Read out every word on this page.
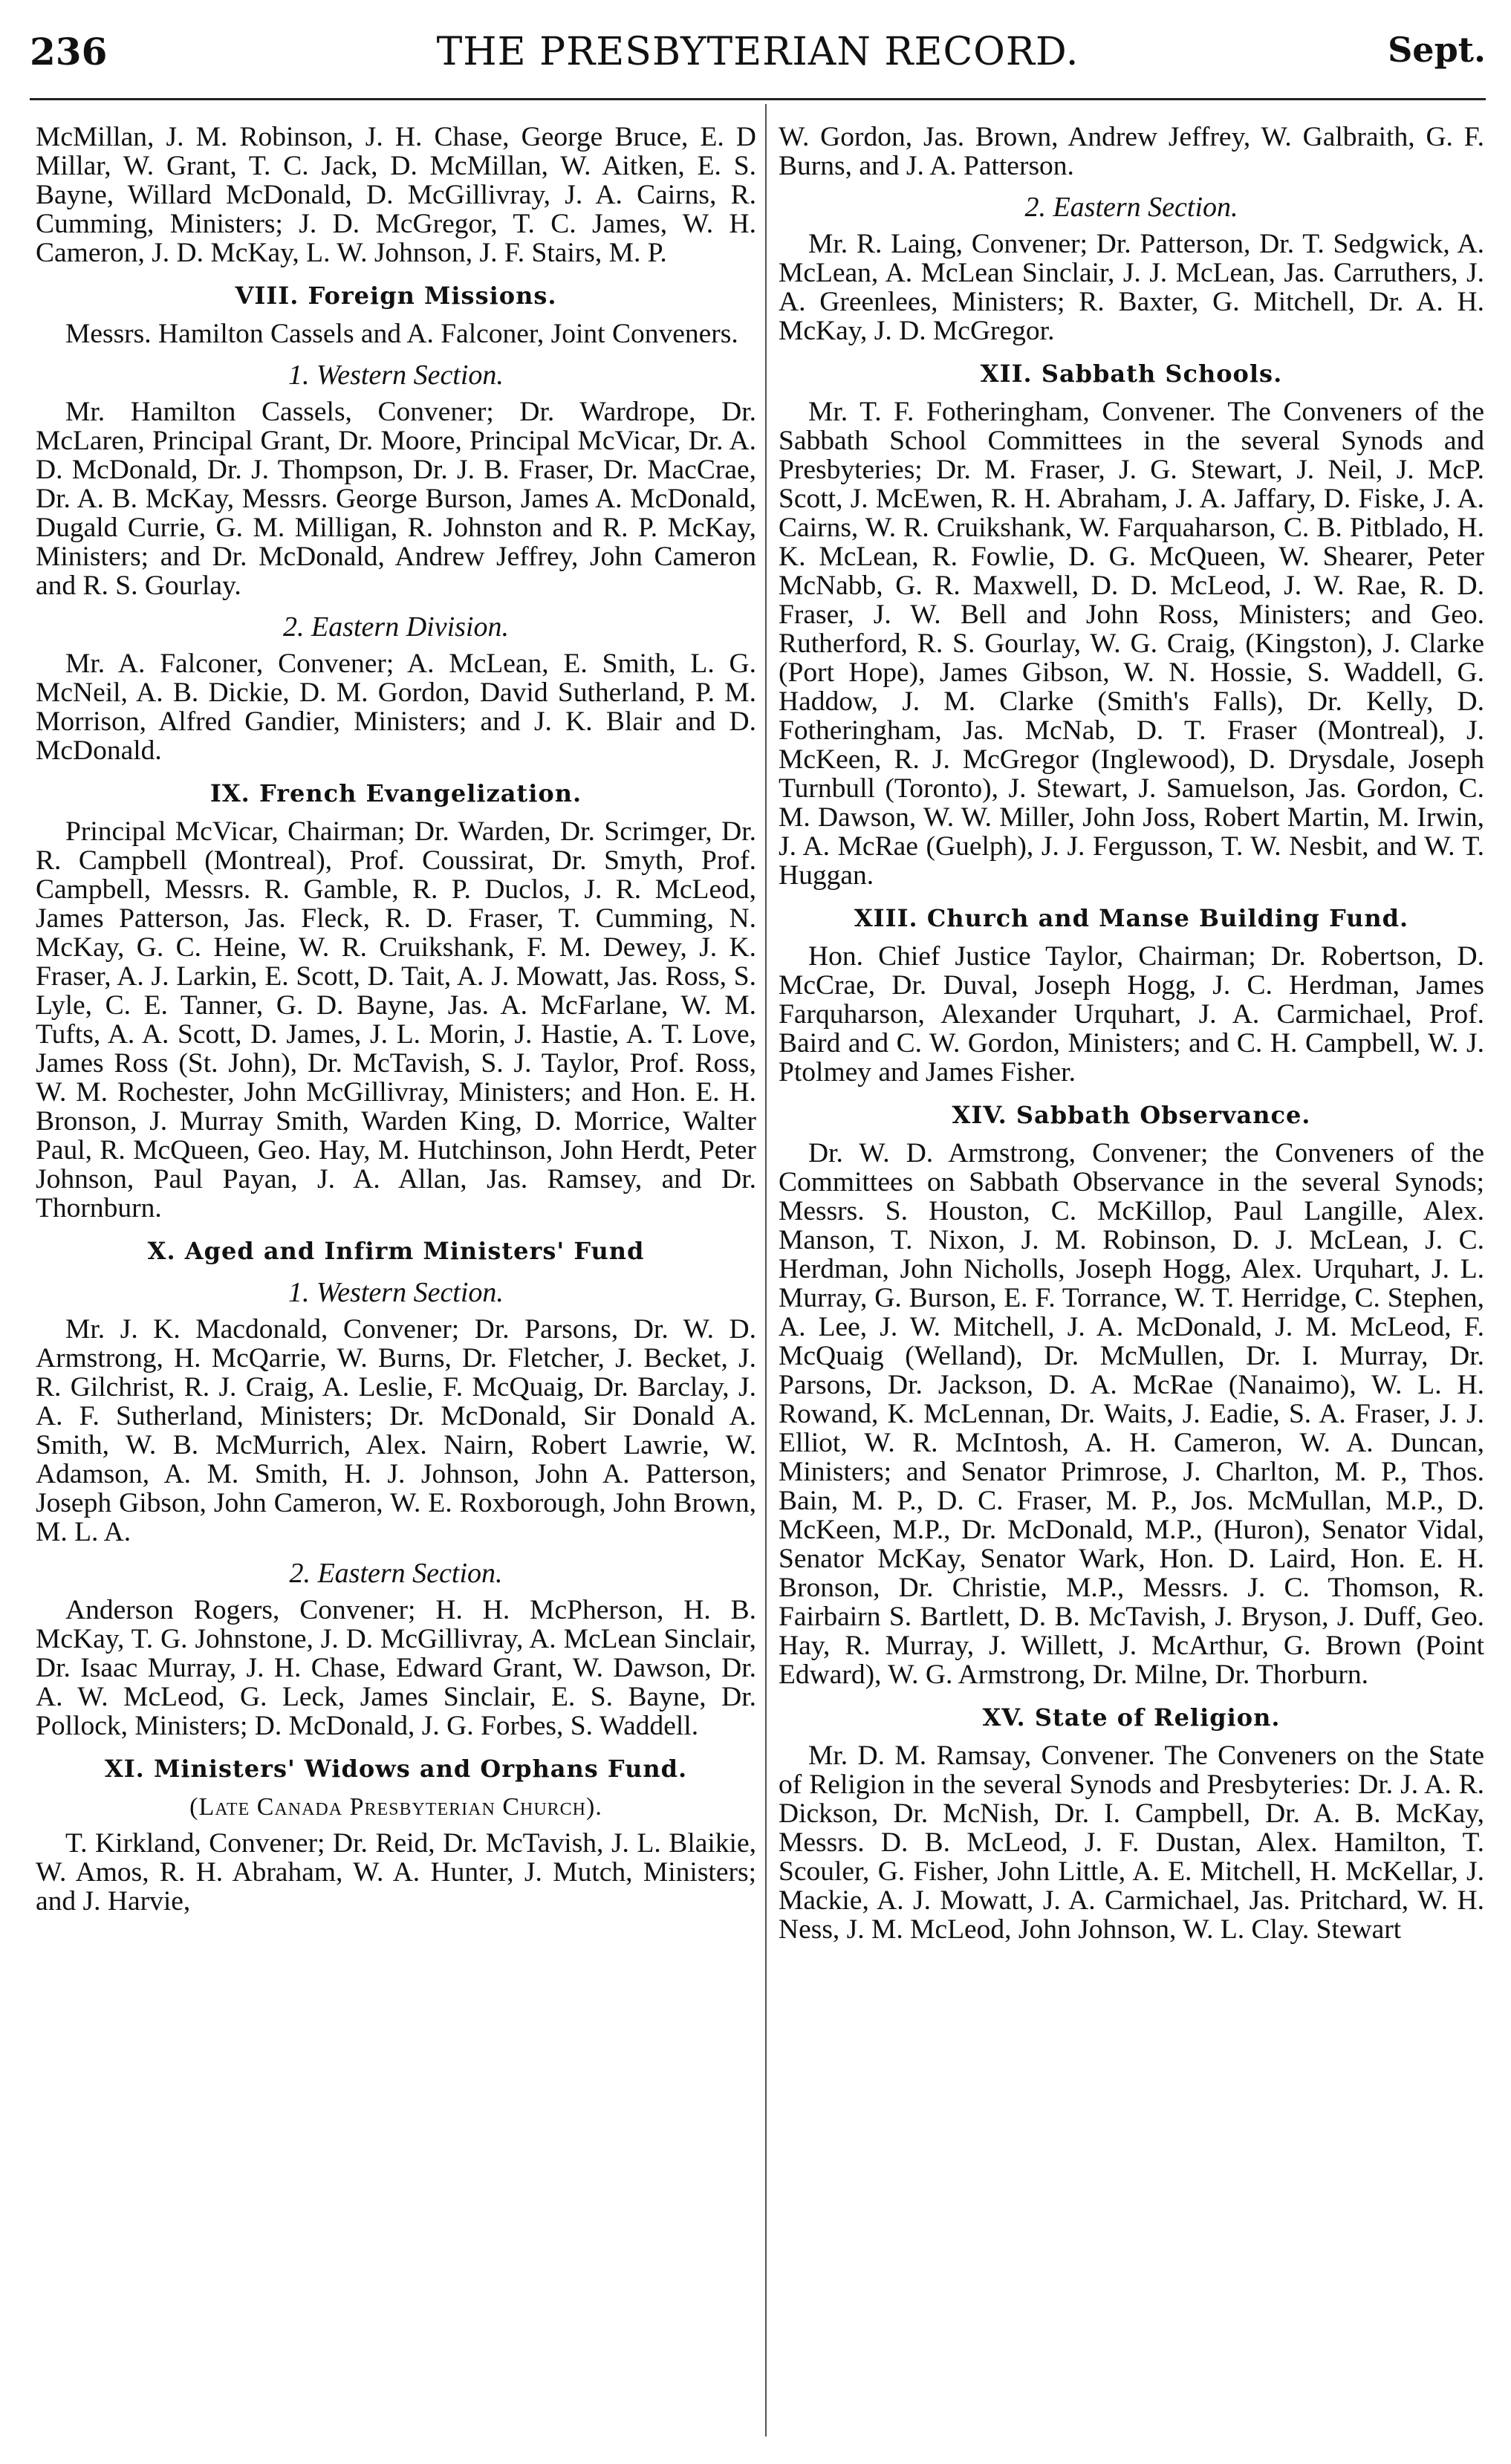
THE PRESBYTERIAN RECORD.
236	Sept.

McMillan, J. M. Robinson, J. H. Chase, George Bruce, E. D Millar, W. Grant, T. C. Jack, D. McMillan, W. Aitken, E. S. Bayne, Willard McDonald, D. McGillivray, J. A. Cairns, R. Cumming, Ministers; J. D. McGregor, T. C. James, W. H. Cameron, J. D. McKay, L. W. Johnson, J. F. Stairs, M. P.

VIII. Foreign Missions.

Messrs. Hamilton Cassels and A. Falconer, Joint Conveners.

1. Western Section.

Mr. Hamilton Cassels, Convener; Dr. Wardrope, Dr. McLaren, Principal Grant, Dr. Moore, Principal McVicar, Dr. A. D. McDonald, Dr. J. Thompson, Dr. J. B. Fraser, Dr. MacCrae, Dr. A. B. McKay, Messrs. George Burson, James A. McDonald, Dugald Currie, G. M. Milligan, R. Johnston and R. P. McKay, Ministers; and Dr. McDonald, Andrew Jeffrey, John Cameron and R. S. Gourlay.

2. Eastern Division.

Mr. A. Falconer, Convener; A. McLean, E. Smith, L. G. McNeil, A. B. Dickie, D. M. Gordon, David Sutherland, P. M. Morrison, Alfred Gandier, Ministers; and J. K. Blair and D. McDonald.

IX. French Evangelization.

Principal McVicar, Chairman; Dr. Warden, Dr. Scrimger, Dr. R. Campbell (Montreal), Prof. Coussirat, Dr. Smyth, Prof. Campbell, Messrs. R. Gamble, R. P. Duclos, J. R. McLeod, James Patterson, Jas. Fleck, R. D. Fraser, T. Cumming, N. McKay, G. C. Heine, W. R. Cruikshank, F. M. Dewey, J. K. Fraser, A. J. Larkin, E. Scott, D. Tait, A. J. Mowatt, Jas. Ross, S. Lyle, C. E. Tanner, G. D. Bayne, Jas. A. McFarlane, W. M. Tufts, A. A. Scott, D. James, J. L. Morin, J. Hastie, A. T. Love, James Ross (St. John), Dr. McTavish, S. J. Taylor, Prof. Ross, W. M. Rochester, John McGillivray, Ministers; and Hon. E. H. Bronson, J. Murray Smith, Warden King, D. Morrice, Walter Paul, R. McQueen, Geo. Hay, M. Hutchinson, John Herdt, Peter Johnson, Paul Payan, J. A. Allan, Jas. Ramsey, and Dr. Thornburn.

X. Aged and Infirm Ministers' Fund
1. Western Section.

Mr. J. K. Macdonald, Convener; Dr. Parsons, Dr. W. D. Armstrong, H. McQarrie, W. Burns, Dr. Fletcher, J. Becket, J. R. Gilchrist, R. J. Craig, A. Leslie, F. McQuaig, Dr. Barclay, J. A. F. Sutherland, Ministers; Dr. McDonald, Sir Donald A. Smith, W. B. McMurrich, Alex. Nairn, Robert Lawrie, W. Adamson, A. M. Smith, H. J. Johnson, John A. Patterson, Joseph Gibson, John Cameron, W. E. Roxborough, John Brown, M. L. A.

2. Eastern Section.

Anderson Rogers, Convener; H. H. McPherson, H. B. McKay, T. G. Johnstone, J. D. McGillivray, A. McLean Sinclair, Dr. Isaac Murray, J. H. Chase, Edward Grant, W. Dawson, Dr. A. W. McLeod, G. Leck, James Sinclair, E. S. Bayne, Dr. Pollock, Ministers; D. McDonald, J. G. Forbes, S. Waddell.

XI. Ministers' Widows and Orphans Fund.
(Late Canada Presbyterian Church).

T. Kirkland, Convener; Dr. Reid, Dr. McTavish, J. L. Blaikie, W. Amos, R. H. Abraham, W. A. Hunter, J. Mutch, Ministers; and J. Harvie,

W. Gordon, Jas. Brown, Andrew Jeffrey, W. Galbraith, G. F. Burns, and J. A. Patterson.

2. Eastern Section.

Mr. R. Laing, Convener; Dr. Patterson, Dr. T. Sedgwick, A. McLean, A. McLean Sinclair, J. J. McLean, Jas. Carruthers, J. A. Greenlees, Ministers; R. Baxter, G. Mitchell, Dr. A. H. McKay, J. D. McGregor.

XII. Sabbath Schools.

Mr. T. F. Fotheringham, Convener. The Conveners of the Sabbath School Committees in the several Synods and Presbyteries; Dr. M. Fraser, J. G. Stewart, J. Neil, J. McP. Scott, J. McEwen, R. H. Abraham, J. A. Jaffary, D. Fiske, J. A. Cairns, W. R. Cruikshank, W. Farquaharson, C. B. Pitblado, H. K. McLean, R. Fowlie, D. G. McQueen, W. Shearer, Peter McNabb, G. R. Maxwell, D. D. McLeod, J. W. Rae, R. D. Fraser, J. W. Bell and John Ross, Ministers; and Geo. Rutherford, R. S. Gourlay, W. G. Craig, (Kingston), J. Clarke (Port Hope), James Gibson, W. N. Hossie, S. Waddell, G. Haddow, J. M. Clarke (Smith's Falls), Dr. Kelly, D. Fotheringham, Jas. McNab, D. T. Fraser (Montreal), J. McKeen, R. J. McGregor (Inglewood), D. Drysdale, Joseph Turnbull (Toronto), J. Stewart, J. Samuelson, Jas. Gordon, C. M. Dawson, W. W. Miller, John Joss, Robert Martin, M. Irwin, J. A. McRae (Guelph), J. J. Fergusson, T. W. Nesbit, and W. T. Huggan.

XIII. Church and Manse Building Fund.

Hon. Chief Justice Taylor, Chairman; Dr. Robertson, D. McCrae, Dr. Duval, Joseph Hogg, J. C. Herdman, James Farquharson, Alexander Urquhart, J. A. Carmichael, Prof. Baird and C. W. Gordon, Ministers; and C. H. Campbell, W. J. Ptolmey and James Fisher.

XIV. Sabbath Observance.

Dr. W. D. Armstrong, Convener; the Conveners of the Committees on Sabbath Observance in the several Synods; Messrs. S. Houston, C. McKillop, Paul Langille, Alex. Manson, T. Nixon, J. M. Robinson, D. J. McLean, J. C. Herdman, John Nicholls, Joseph Hogg, Alex. Urquhart, J. L. Murray, G. Burson, E. F. Torrance, W. T. Herridge, C. Stephen, A. Lee, J. W. Mitchell, J. A. McDonald, J. M. McLeod, F. McQuaig (Welland), Dr. McMullen, Dr. I. Murray, Dr. Parsons, Dr. Jackson, D. A. McRae (Nanaimo), W. L. H. Rowand, K. McLennan, Dr. Waits, J. Eadie, S. A. Fraser, J. J. Elliot, W. R. McIntosh, A. H. Cameron, W. A. Duncan, Ministers; and Senator Primrose, J. Charlton, M. P., Thos. Bain, M. P., D. C. Fraser, M. P., Jos. McMullan, M.P., D. McKeen, M.P., Dr. McDonald, M.P., (Huron), Senator Vidal, Senator McKay, Senator Wark, Hon. D. Laird, Hon. E. H. Bronson, Dr. Christie, M.P., Messrs. J. C. Thomson, R. Fairbairn S. Bartlett, D. B. McTavish, J. Bryson, J. Duff, Geo. Hay, R. Murray, J. Willett, J. McArthur, G. Brown (Point Edward), W. G. Armstrong, Dr. Milne, Dr. Thorburn.

XV. State of Religion.

Mr. D. M. Ramsay, Convener. The Conveners on the State of Religion in the several Synods and Presbyteries: Dr. J. A. R. Dickson, Dr. McNish, Dr. I. Campbell, Dr. A. B. McKay, Messrs. D. B. McLeod, J. F. Dustan, Alex. Hamilton, T. Scouler, G. Fisher, John Little, A. E. Mitchell, H. McKellar, J. Mackie, A. J. Mowatt, J. A. Carmichael, Jas. Pritchard, W. H. Ness, J. M. McLeod, John Johnson, W. L. Clay. Stewart
